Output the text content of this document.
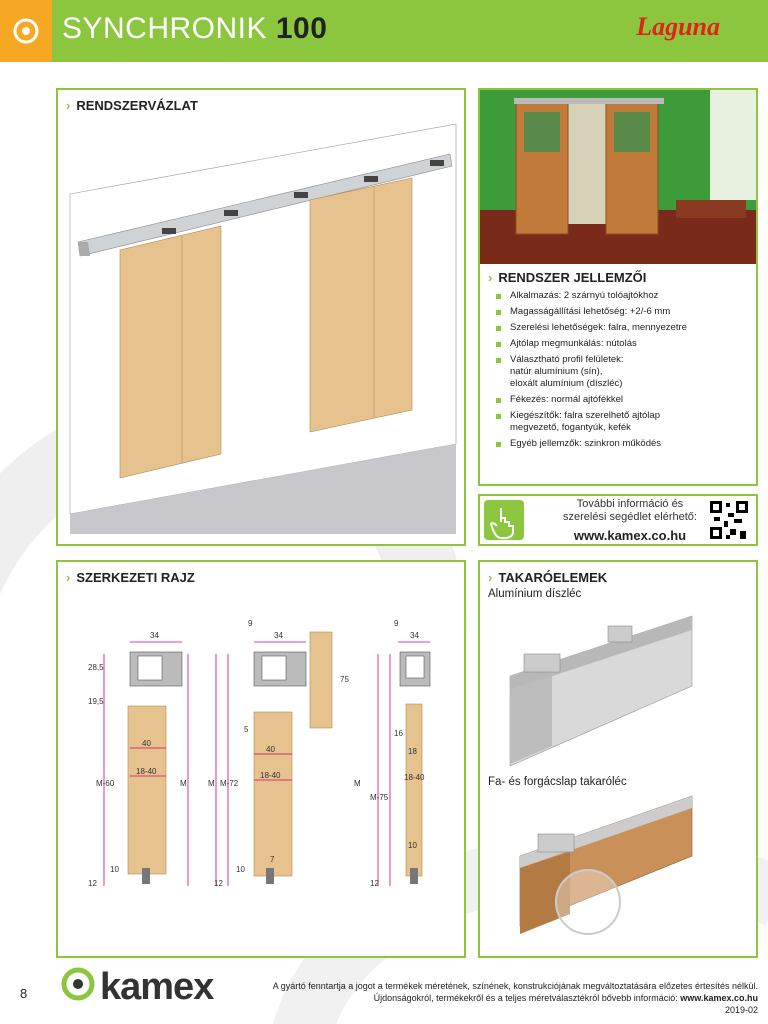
SYNCHRONIK 100	Laguna
› RENDSZERVÁZLAT
› RENDSZER JELLEMZŐI
Alkalmazás: 2 szárnyú tolóajtókhoz
Magasságállítási lehetőség: +2/-6 mm
Szerelési lehetőségek: falra, mennyezetre
Ajtólap megmunkálás: nútolás
Választható profil felületek:
natúr alumínium (sín),
eloxált alumínium (díszléc)
Fékezés: normál ajtófékkel
Kiegészítők: falra szerelhető ajtólap
megvezető, fogantyúk, kefék
Egyéb jellemzők: szinkron működés
További információ és
szerelési segédlet elérhető:
www.kamex.co.hu
› SZERKEZETI RAJZ
34
40
18-40
28,5
19,5
M-60	M
10
12
34
9
40
18-40
5
7
75
M-72
M
12
10
34
9
16
18
18-40
M-75
M
10
12
› TAKARÓELEMEK
Alumínium díszléc
Fa- és forgácslap takaróléc
8 kamex	A gyártó fenntartja a jogot a termékek méretének, színének, konstrukciójának megváltoztatására előzetes értesítés nélkül.
Újdonságokról, termékekről és a teljes méretválasztékról bővebb információ: www.kamex.co.hu
2019-02
